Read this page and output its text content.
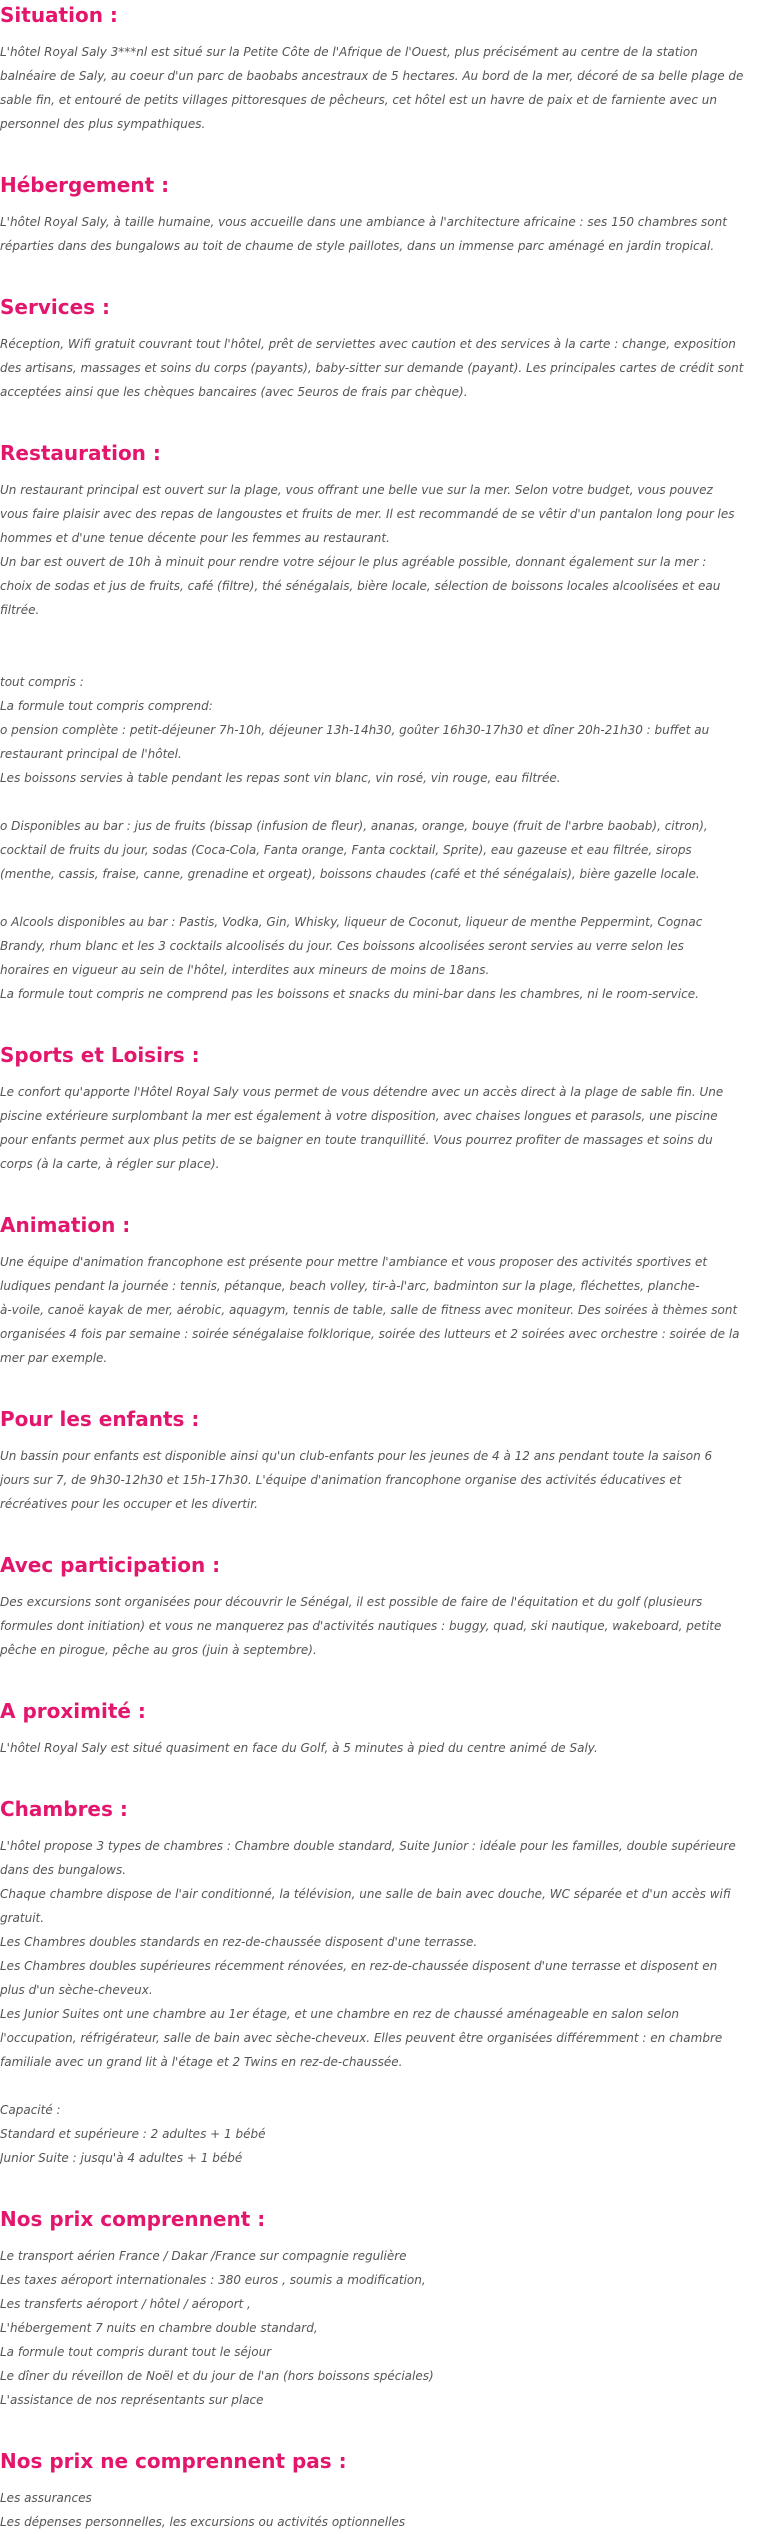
Situation :

L'hôtel Royal Saly 3***nl est situé sur la Petite Côte de l'Afrique de l'Ouest, plus précisément au centre de la station

balnéaire de Saly, au coeur d'un parc de baobabs ancestraux de 5 hectares. Au bord de la mer, décoré de sa belle plage de

sable fin, et entouré de petits villages pittoresques de pêcheurs, cet hôtel est un havre de paix et de farniente avec un

personnel des plus sympathiques.

Hébergement :

L'hôtel Royal Saly, à taille humaine, vous accueille dans une ambiance à l'architecture africaine : ses 150 chambres sont

réparties dans des bungalows au toit de chaume de style paillotes, dans un immense parc aménagé en jardin tropical.

Services :

Réception, Wifi gratuit couvrant tout l'hôtel, prêt de serviettes avec caution et des services à la carte : change, exposition

des artisans, massages et soins du corps (payants), baby-sitter sur demande (payant). Les principales cartes de crédit sont

acceptées ainsi que les chèques bancaires (avec 5euros de frais par chèque).

Restauration :

Un restaurant principal est ouvert sur la plage, vous offrant une belle vue sur la mer. Selon votre budget, vous pouvez

vous faire plaisir avec des repas de langoustes et fruits de mer. Il est recommandé de se vêtir d'un pantalon long pour les

hommes et d'une tenue décente pour les femmes au restaurant.

Un bar est ouvert de 10h à minuit pour rendre votre séjour le plus agréable possible, donnant également sur la mer :

choix de sodas et jus de fruits, café (filtre), thé sénégalais, bière locale, sélection de boissons locales alcoolisées et eau

filtrée.

tout compris :

La formule tout compris comprend:

o pension complète : petit-déjeuner 7h-10h, déjeuner 13h-14h30, goûter 16h30-17h30 et dîner 20h-21h30 : buffet au

restaurant principal de l'hôtel.

Les boissons servies à table pendant les repas sont vin blanc, vin rosé, vin rouge, eau filtrée.

o Disponibles au bar : jus de fruits (bissap (infusion de fleur), ananas, orange, bouye (fruit de l'arbre baobab), citron),

cocktail de fruits du jour, sodas (Coca-Cola, Fanta orange, Fanta cocktail, Sprite), eau gazeuse et eau filtrée, sirops

(menthe, cassis, fraise, canne, grenadine et orgeat), boissons chaudes (café et thé sénégalais), bière gazelle locale.

o Alcools disponibles au bar : Pastis, Vodka, Gin, Whisky, liqueur de Coconut, liqueur de menthe Peppermint, Cognac

Brandy, rhum blanc et les 3 cocktails alcoolisés du jour. Ces boissons alcoolisées seront servies au verre selon les

horaires en vigueur au sein de l'hôtel, interdites aux mineurs de moins de 18ans.

La formule tout compris ne comprend pas les boissons et snacks du mini-bar dans les chambres, ni le room-service.

Sports et Loisirs :

Le confort qu'apporte l'Hôtel Royal Saly vous permet de vous détendre avec un accès direct à la plage de sable fin. Une

piscine extérieure surplombant la mer est également à votre disposition, avec chaises longues et parasols, une piscine

pour enfants permet aux plus petits de se baigner en toute tranquillité. Vous pourrez profiter de massages et soins du

corps (à la carte, à régler sur place).

Animation :

Une équipe d'animation francophone est présente pour mettre l'ambiance et vous proposer des activités sportives et

ludiques pendant la journée : tennis, pétanque, beach volley, tir-à-l'arc, badminton sur la plage, fléchettes, planche-

à-voile, canoë kayak de mer, aérobic, aquagym, tennis de table, salle de fitness avec moniteur. Des soirées à thèmes sont

organisées 4 fois par semaine : soirée sénégalaise folklorique, soirée des lutteurs et 2 soirées avec orchestre : soirée de la

mer par exemple.

Pour les enfants :

Un bassin pour enfants est disponible ainsi qu'un club-enfants pour les jeunes de 4 à 12 ans pendant toute la saison 6

jours sur 7, de 9h30-12h30 et 15h-17h30. L'équipe d'animation francophone organise des activités éducatives et

récréatives pour les occuper et les divertir.

Avec participation :

Des excursions sont organisées pour découvrir le Sénégal, il est possible de faire de l'équitation et du golf (plusieurs

formules dont initiation) et vous ne manquerez pas d'activités nautiques : buggy, quad, ski nautique, wakeboard, petite

pêche en pirogue, pêche au gros (juin à septembre).

A proximité :

L'hôtel Royal Saly est situé quasiment en face du Golf, à 5 minutes à pied du centre animé de Saly.

Chambres :

L'hôtel propose 3 types de chambres : Chambre double standard, Suite Junior : idéale pour les familles, double supérieure

dans des bungalows.

Chaque chambre dispose de l'air conditionné, la télévision, une salle de bain avec douche, WC séparée et d'un accès wifi

gratuit.

Les Chambres doubles standards en rez-de-chaussée disposent d'une terrasse.

Les Chambres doubles supérieures récemment rénovées, en rez-de-chaussée disposent d'une terrasse et disposent en

plus d'un sèche-cheveux.

Les Junior Suites ont une chambre au 1er étage, et une chambre en rez de chaussé aménageable en salon selon

l'occupation, réfrigérateur, salle de bain avec sèche-cheveux. Elles peuvent être organisées différemment : en chambre

familiale avec un grand lit à l'étage et 2 Twins en rez-de-chaussée.

Capacité :

Standard et supérieure : 2 adultes + 1 bébé

Junior Suite : jusqu'à 4 adultes + 1 bébé

Nos prix comprennent :

Le transport aérien France / Dakar /France sur compagnie regulière

Les taxes aéroport internationales : 380 euros , soumis a modification,

Les transferts aéroport / hôtel / aéroport ,

L'hébergement 7 nuits en chambre double standard,

La formule tout compris durant tout le séjour

Le dîner du réveillon de Noël et du jour de l'an (hors boissons spéciales)

L'assistance de nos représentants sur place

Nos prix ne comprennent pas :

Les assurances

Les dépenses personnelles, les excursions ou activités optionnelles
